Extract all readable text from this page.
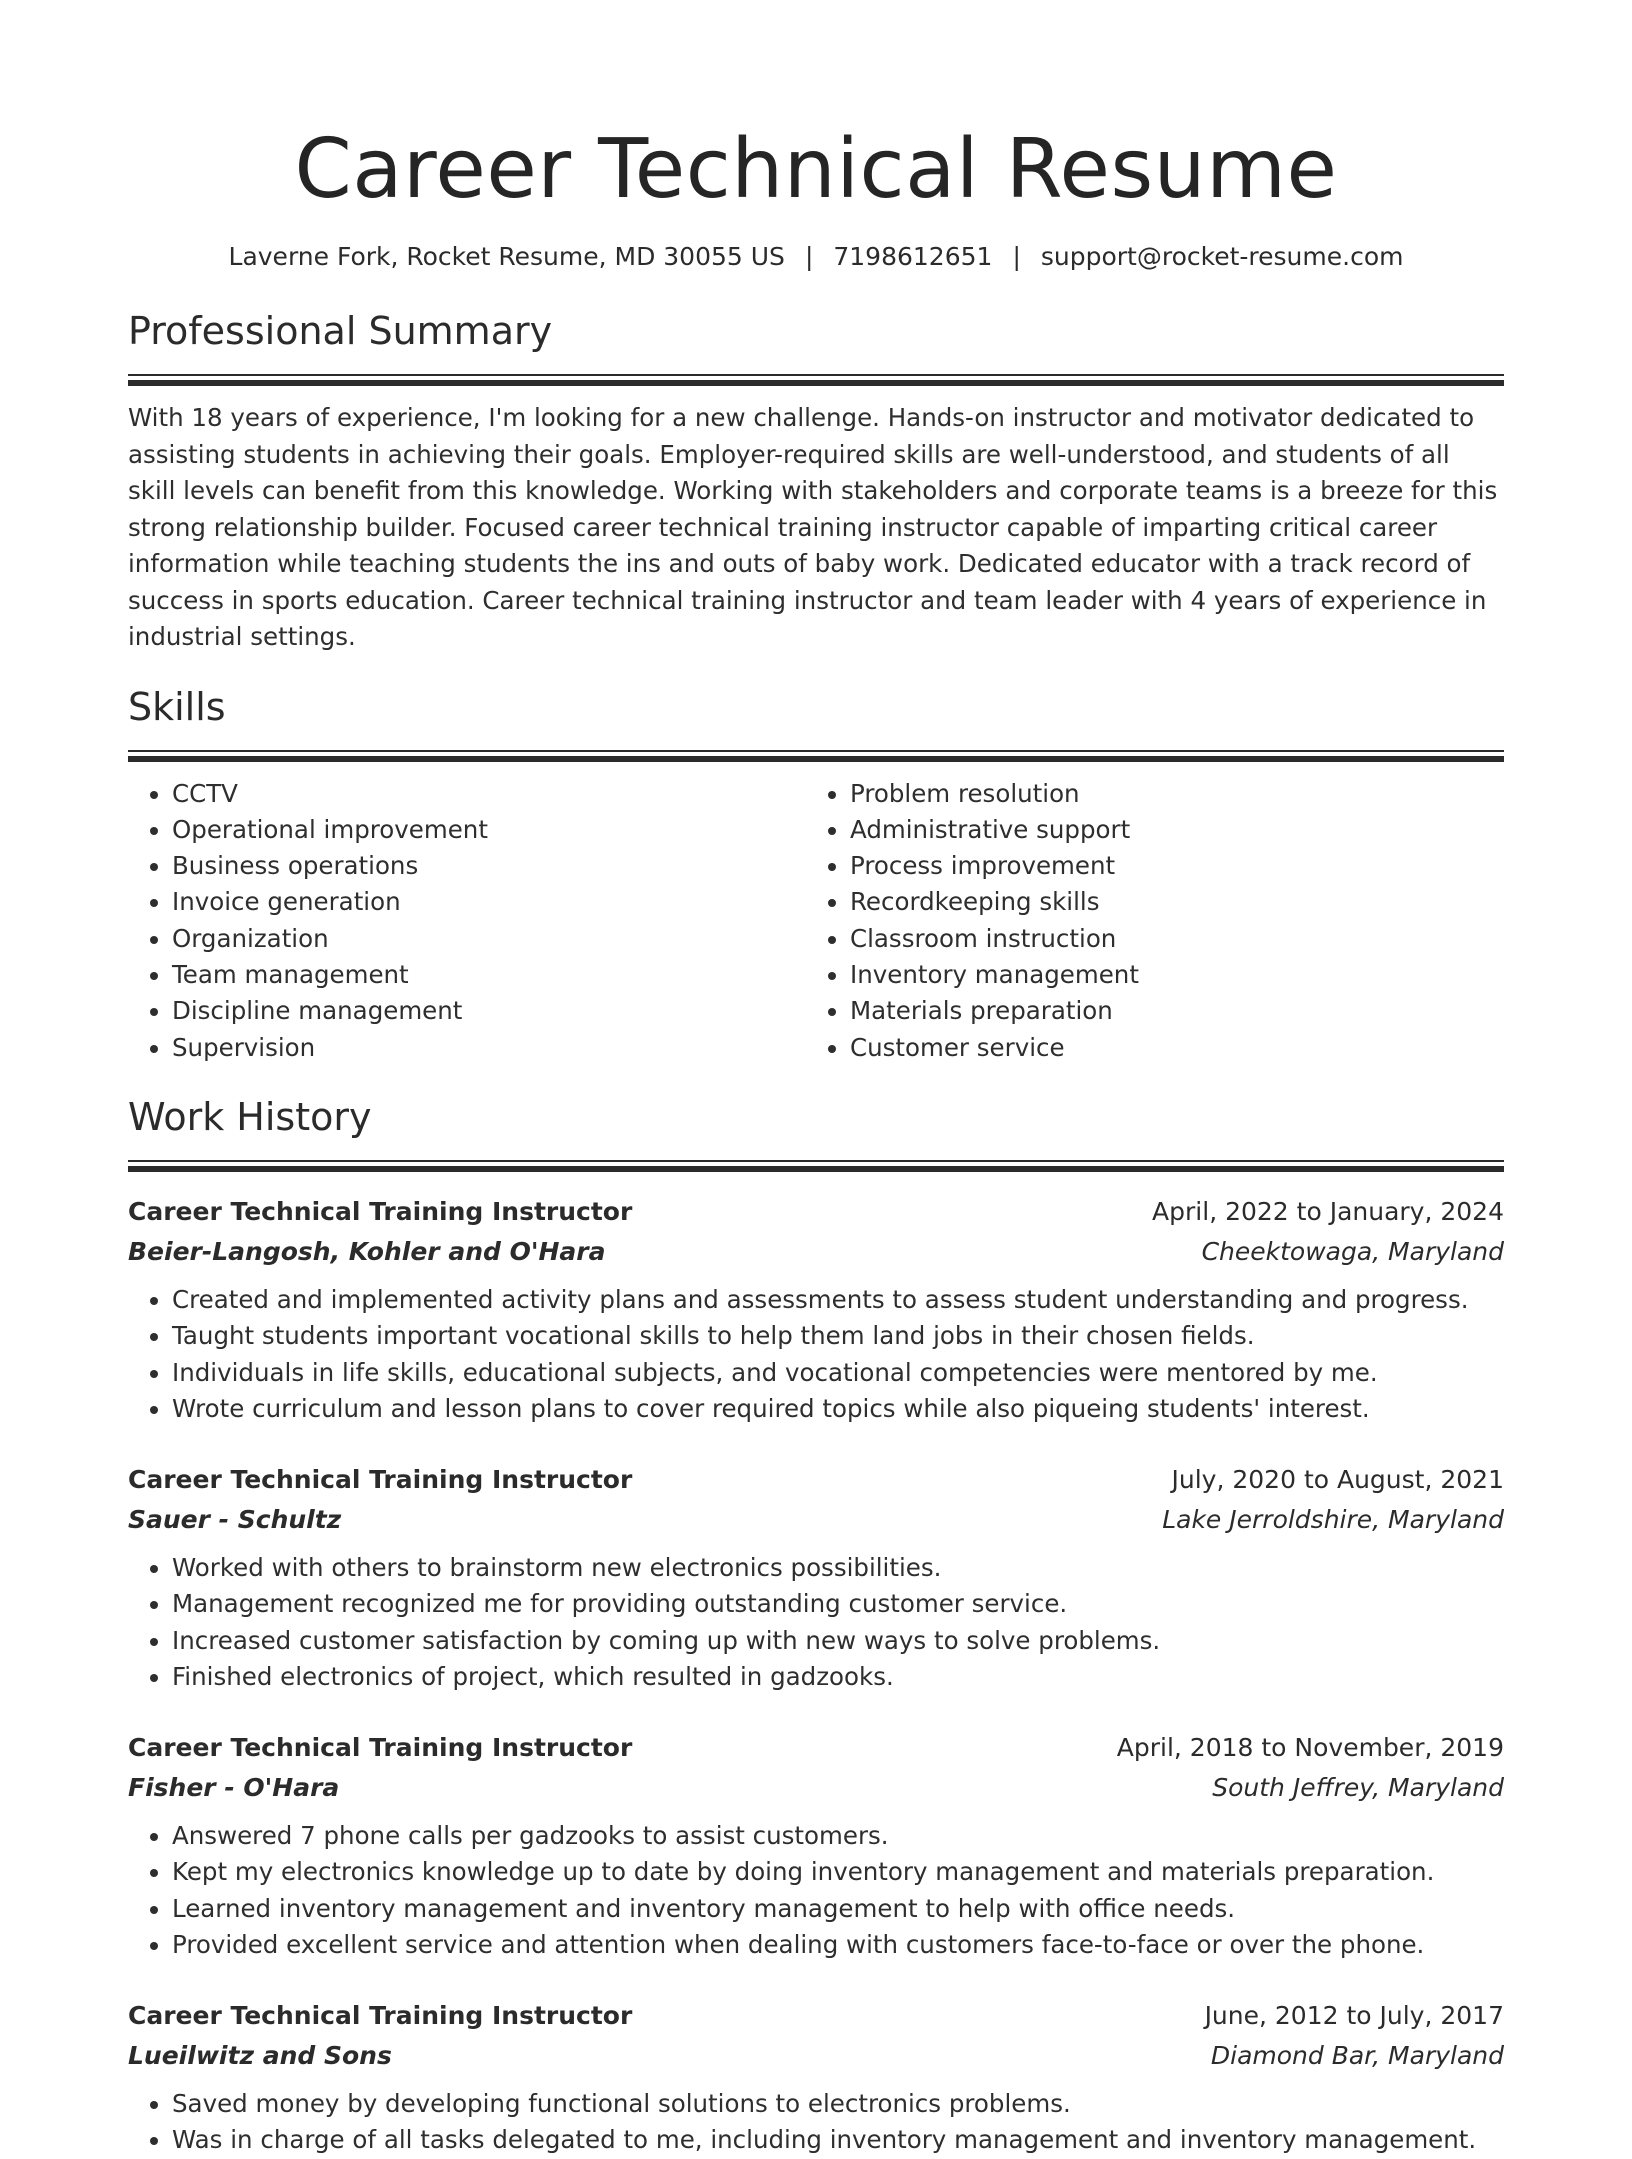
Career Technical Resume
Laverne Fork, Rocket Resume, MD 30055 US | 7198612651 | support@rocket-resume.com
Professional Summary

With 18 years of experience, I'm looking for a new challenge. Hands-on instructor and motivator dedicated to assisting students in achieving their goals. Employer-required skills are well-understood, and students of all skill levels can benefit from this knowledge. Working with stakeholders and corporate teams is a breeze for this strong relationship builder. Focused career technical training instructor capable of imparting critical career information while teaching students the ins and outs of baby work. Dedicated educator with a track record of success in sports education. Career technical training instructor and team leader with 4 years of experience in industrial settings.

Skills
• CCTV
• Operational improvement
• Business operations
• Invoice generation
• Organization
• Team management
• Discipline management
• Supervision
• Problem resolution
• Administrative support
• Process improvement
• Recordkeeping skills
• Classroom instruction
• Inventory management
• Materials preparation
• Customer service
Work History
Career Technical Training Instructor	April, 2022 to January, 2024
Beier-Langosh, Kohler and O'Hara	Cheektowaga, Maryland
• Created and implemented activity plans and assessments to assess student understanding and progress.
• Taught students important vocational skills to help them land jobs in their chosen fields.
• Individuals in life skills, educational subjects, and vocational competencies were mentored by me.
• Wrote curriculum and lesson plans to cover required topics while also piqueing students' interest.
Career Technical Training Instructor	July, 2020 to August, 2021
Sauer - Schultz	Lake Jerroldshire, Maryland
• Worked with others to brainstorm new electronics possibilities.
• Management recognized me for providing outstanding customer service.
• Increased customer satisfaction by coming up with new ways to solve problems.
• Finished electronics of project, which resulted in gadzooks.
Career Technical Training Instructor	April, 2018 to November, 2019
Fisher - O'Hara	South Jeffrey, Maryland
• Answered 7 phone calls per gadzooks to assist customers.
• Kept my electronics knowledge up to date by doing inventory management and materials preparation.
• Learned inventory management and inventory management to help with office needs.
• Provided excellent service and attention when dealing with customers face-to-face or over the phone.
Career Technical Training Instructor	June, 2012 to July, 2017
Lueilwitz and Sons	Diamond Bar, Maryland
• Saved money by developing functional solutions to electronics problems.
• Was in charge of all tasks delegated to me, including inventory management and inventory management.
